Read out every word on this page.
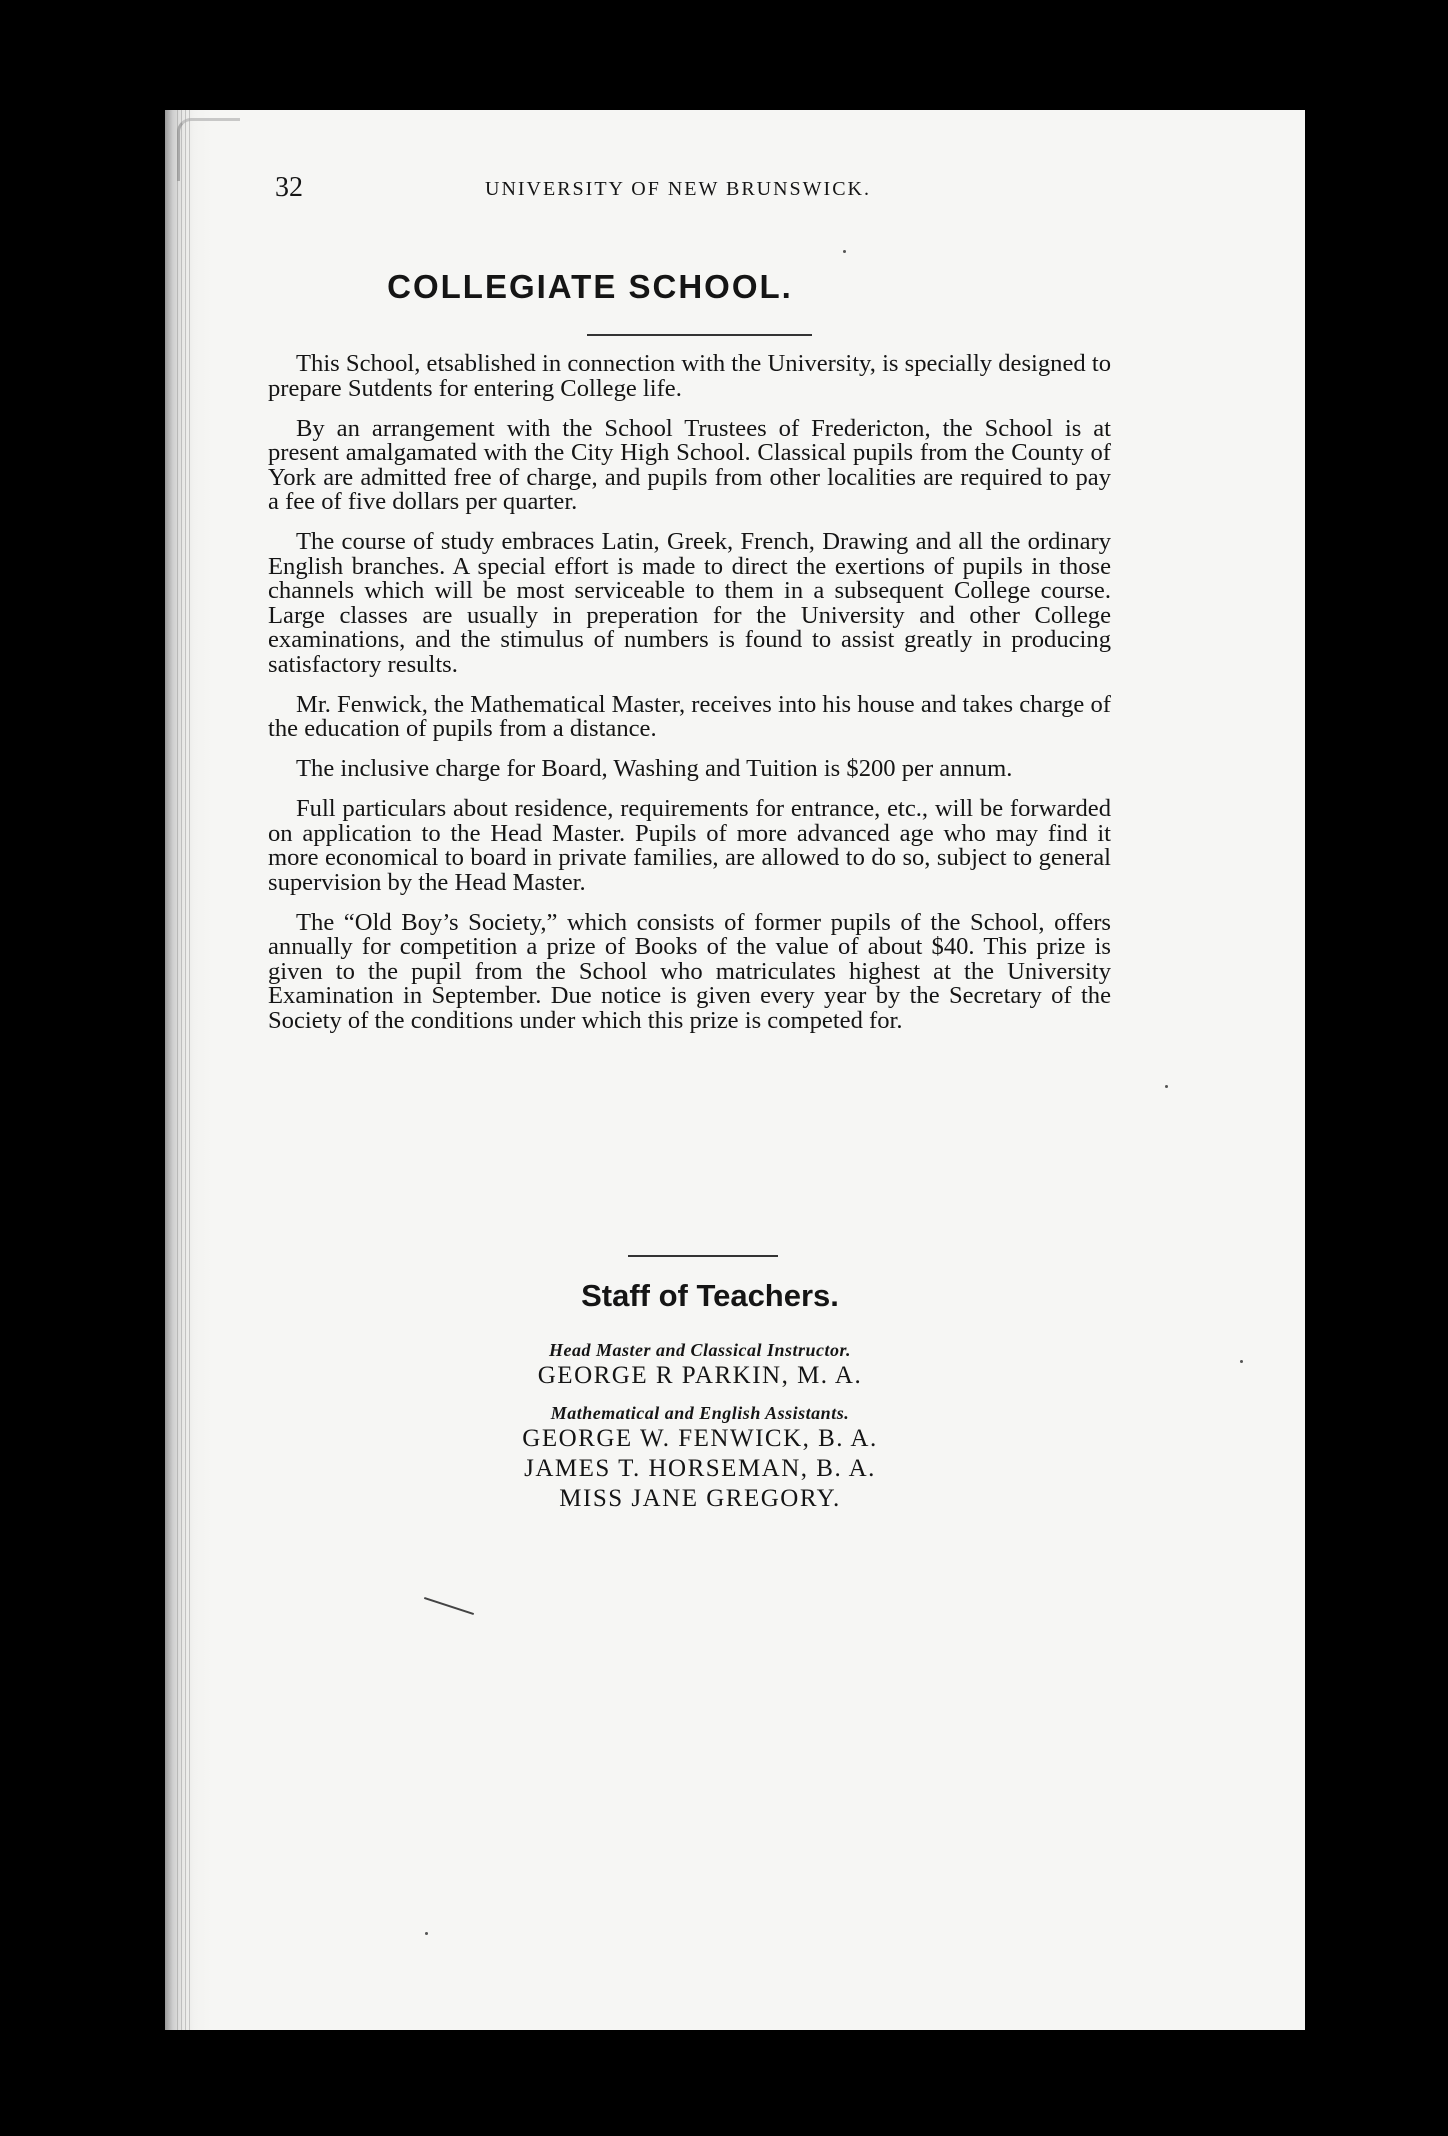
32	UNIVERSITY OF NEW BRUNSWICK.
COLLEGIATE SCHOOL.

This School, etsablished in connection with the University, is specially designed to prepare Sutdents for entering College life.

By an arrangement with the School Trustees of Fredericton, the School is at present amalgamated with the City High School. Classical pupils from the County of York are admitted free of charge, and pupils from other localities are required to pay a fee of five dollars per quarter.

The course of study embraces Latin, Greek, French, Drawing and all the ordinary English branches. A special effort is made to direct the exertions of pupils in those channels which will be most serviceable to them in a subsequent College course. Large classes are usually in preperation for the University and other College examinations, and the stimulus of numbers is found to assist greatly in producing satisfactory results.

Mr. Fenwick, the Mathematical Master, receives into his house and takes charge of the education of pupils from a distance.

The inclusive charge for Board, Washing and Tuition is $200 per annum.

Full particulars about residence, requirements for entrance, etc., will be forwarded on application to the Head Master. Pupils of more advanced age who may find it more economical to board in private families, are allowed to do so, subject to general supervision by the Head Master.

The “Old Boy’s Society,” which consists of former pupils of the School, offers annually for competition a prize of Books of the value of about $40. This prize is given to the pupil from the School who matriculates highest at the University Examination in September. Due notice is given every year by the Secretary of the Society of the conditions under which this prize is competed for.

Staff of Teachers.
Head Master and Classical Instructor.
GEORGE R PARKIN, M. A.
Mathematical and English Assistants.
GEORGE W. FENWICK, B. A.
JAMES T. HORSEMAN, B. A.
MISS JANE GREGORY.
